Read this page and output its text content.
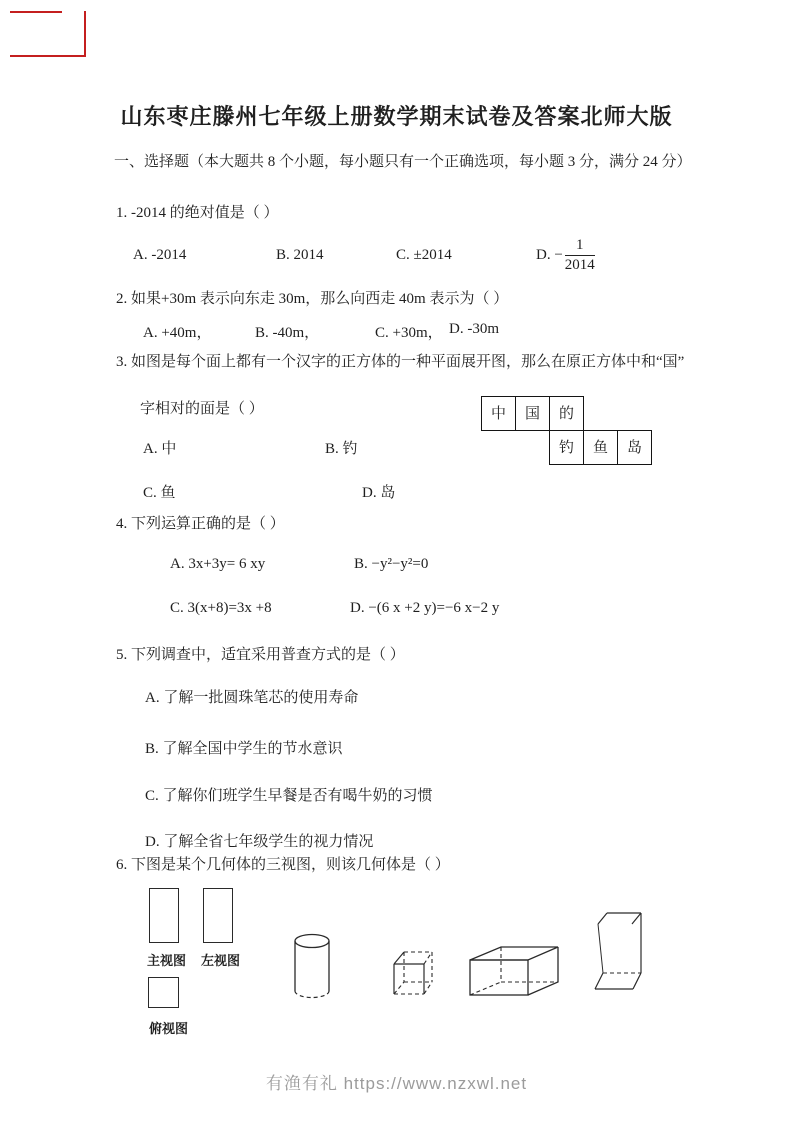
山东枣庄滕州七年级上册数学期末试卷及答案北师大版
一、选择题（本大题共 8 个小题，每小题只有一个正确选项，每小题 3 分，满分 24 分）
1. -2014 的绝对值是（ ）
A. -2014	B. 2014	C. ±2014	D. − $\frac{1}{2014}$
2. 如果+30m 表示向东走 30m，那么向西走 40m 表示为（ ）
A. +40m，	B. -40m，	C. +30m， D. -30m
3. 如图是每个面上都有一个汉字的正方体的一种平面展开图，那么在原正方体中和“国”
字相对的面是（ ）	中	国	的
钓	鱼	岛
A. 中	B. 钓
C. 鱼	D. 岛
4. 下列运算正确的是（ ）
A. 3x+3y= 6 xy	B. −y²−y²=0
C. 3(x+8)=3x +8	D. −(6 x +2 y)=−6 x−2 y
5. 下列调查中，适宜采用普查方式的是（ ）
A. 了解一批圆珠笔芯的使用寿命
B. 了解全国中学生的节水意识
C. 了解你们班学生早餐是否有喝牛奶的习惯
D. 了解全省七年级学生的视力情况
6. 下图是某个几何体的三视图，则该几何体是（ ）
主视图 左视图
俯视图
有渔有礼 https://www.nzxwl.net
